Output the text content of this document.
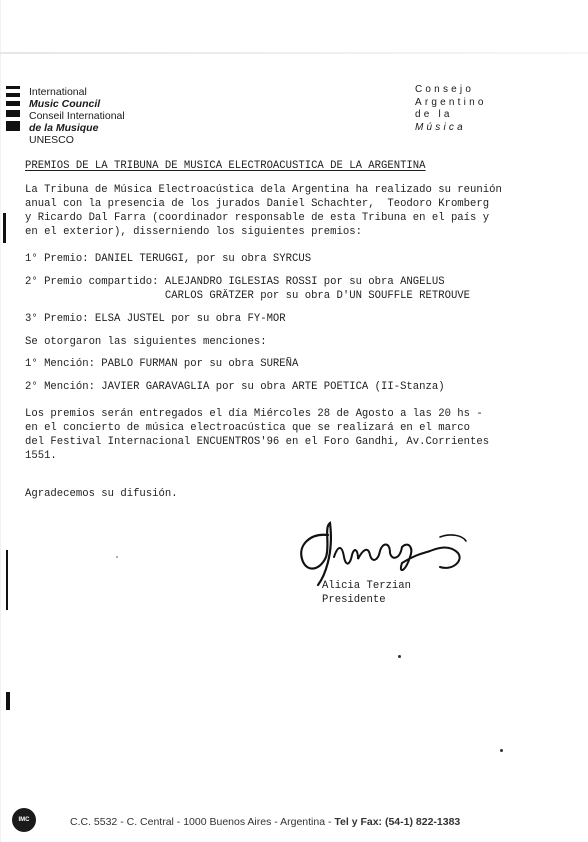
International
Music Council
Conseil International
de la Musique
UNESCO
Consejo
Argentino
de la
Música
PREMIOS DE LA TRIBUNA DE MUSICA ELECTROACUSTICA DE LA ARGENTINA
La Tribuna de Música Electroacústica dela Argentina ha realizado su reunión
anual con la presencia de los jurados Daniel Schachter,  Teodoro Kromberg
y Ricardo Dal Farra (coordinador responsable de esta Tribuna en el país y
en el exterior), disserniendo los siguientes premios:
1° Premio: DANIEL TERUGGI, por su obra SYRCUS
2° Premio compartido: ALEJANDRO IGLESIAS ROSSI por su obra ANGELUS
CARLOS GRÄTZER por su obra D'UN SOUFFLE RETROUVE
3° Premio: ELSA JUSTEL por su obra FY-MOR
Se otorgaron las siguientes menciones:
1° Mención: PABLO FURMAN por su obra SUREÑA
2° Mención: JAVIER GARAVAGLIA por su obra ARTE POETICA (II-Stanza)
Los premios serán entregados el día Miércoles 28 de Agosto a las 20 hs -
en el concierto de música electroacústica que se realizará en el marco
del Festival Internacional ENCUENTROS'96 en el Foro Gandhi, Av.Corrientes
1551.
Agradecemos su difusión.
Alicia Terzian
Presidente
IMC	C.C. 5532 - C. Central - 1000 Buenos Aires - Argentina - Tel y Fax: (54-1) 822-1383
